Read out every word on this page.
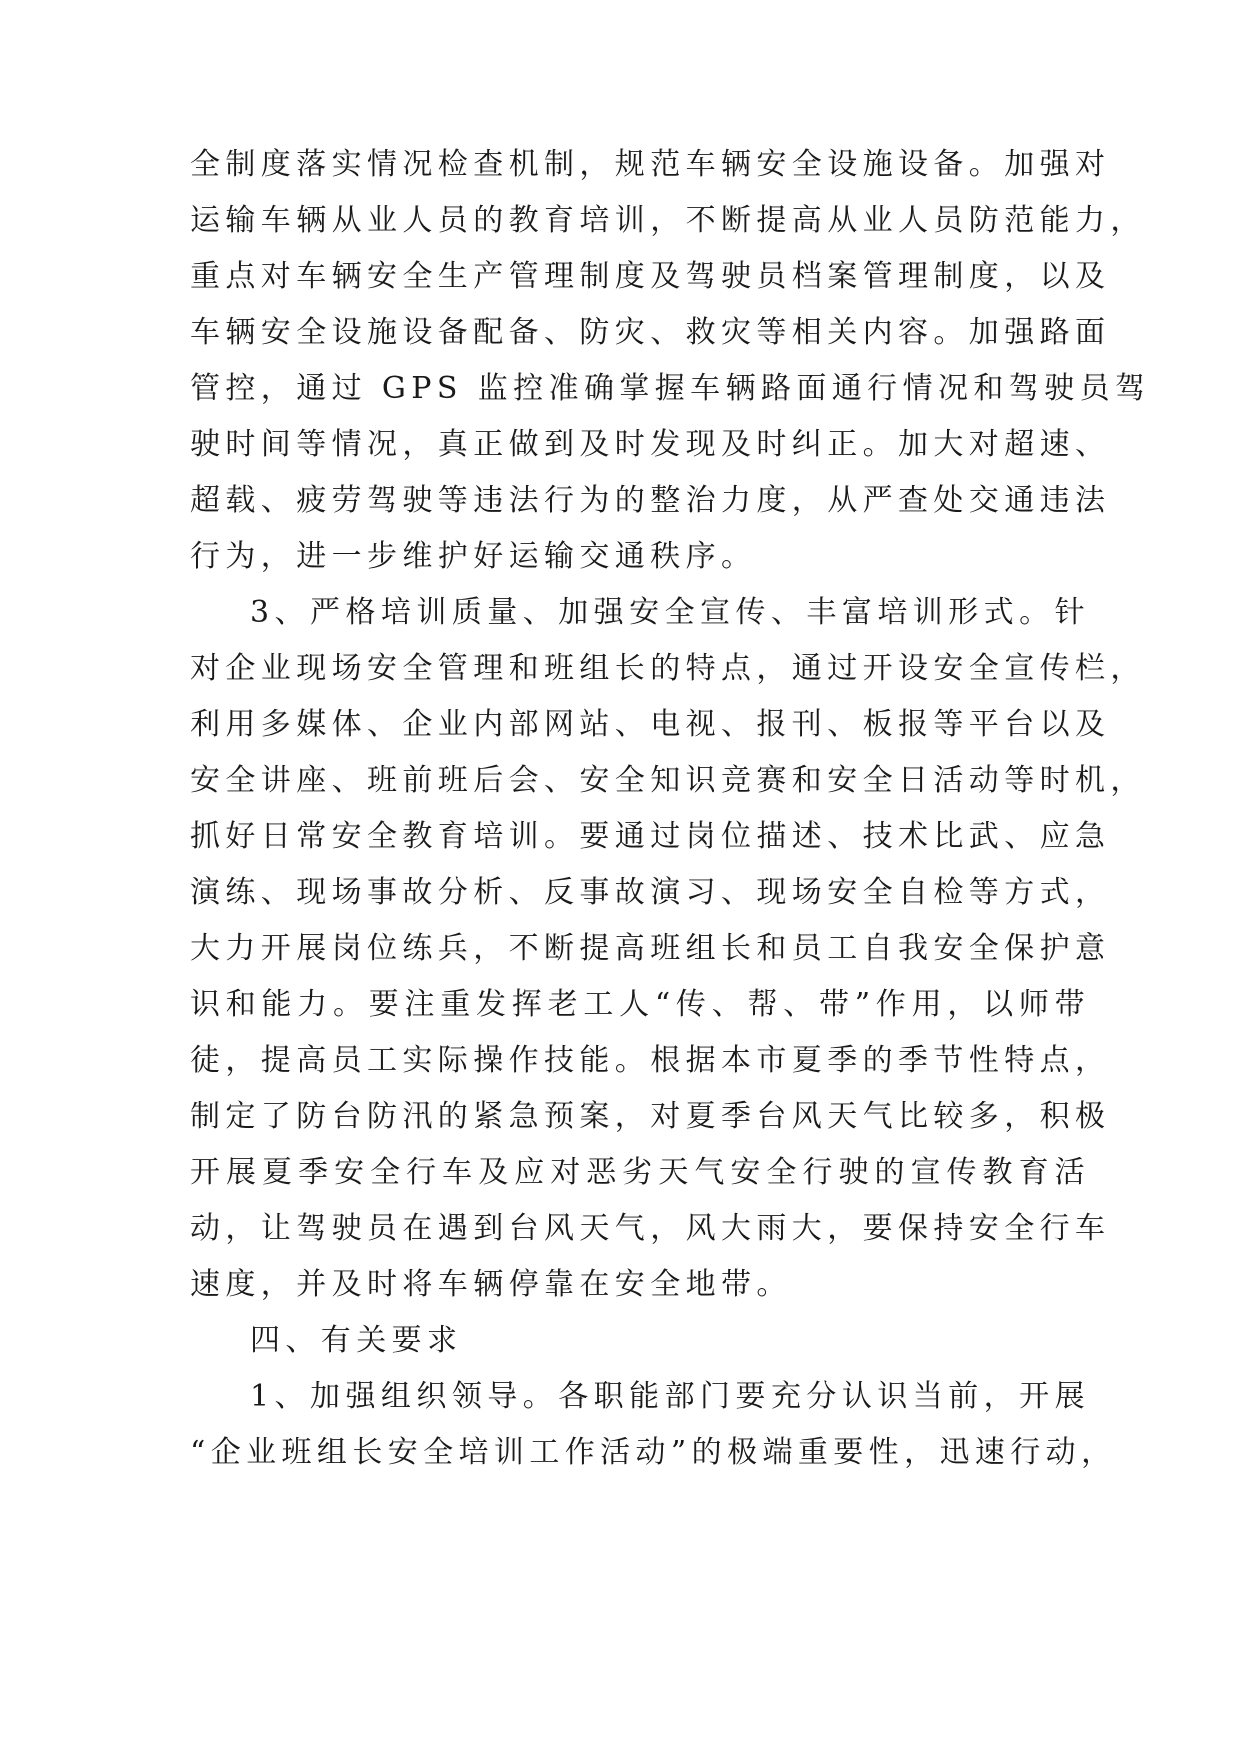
全制度落实情况检查机制，规范车辆安全设施设备。加强对
运输车辆从业人员的教育培训，不断提高从业人员防范能力，
重点对车辆安全生产管理制度及驾驶员档案管理制度，以及
车辆安全设施设备配备、防灾、救灾等相关内容。加强路面
管控，通过 GPS 监控准确掌握车辆路面通行情况和驾驶员驾
驶时间等情况，真正做到及时发现及时纠正。加大对超速、
超载、疲劳驾驶等违法行为的整治力度，从严查处交通违法
行为，进一步维护好运输交通秩序。
3、严格培训质量、加强安全宣传、丰富培训形式。针
对企业现场安全管理和班组长的特点，通过开设安全宣传栏，
利用多媒体、企业内部网站、电视、报刊、板报等平台以及
安全讲座、班前班后会、安全知识竞赛和安全日活动等时机，
抓好日常安全教育培训。要通过岗位描述、技术比武、应急
演练、现场事故分析、反事故演习、现场安全自检等方式，
大力开展岗位练兵，不断提高班组长和员工自我安全保护意
识和能力。要注重发挥老工人“传、帮、带”作用，以师带
徒，提高员工实际操作技能。根据本市夏季的季节性特点，
制定了防台防汛的紧急预案，对夏季台风天气比较多，积极
开展夏季安全行车及应对恶劣天气安全行驶的宣传教育活
动，让驾驶员在遇到台风天气，风大雨大，要保持安全行车
速度，并及时将车辆停靠在安全地带。
四、有关要求
1、加强组织领导。各职能部门要充分认识当前，开展
“企业班组长安全培训工作活动”的极端重要性，迅速行动，
